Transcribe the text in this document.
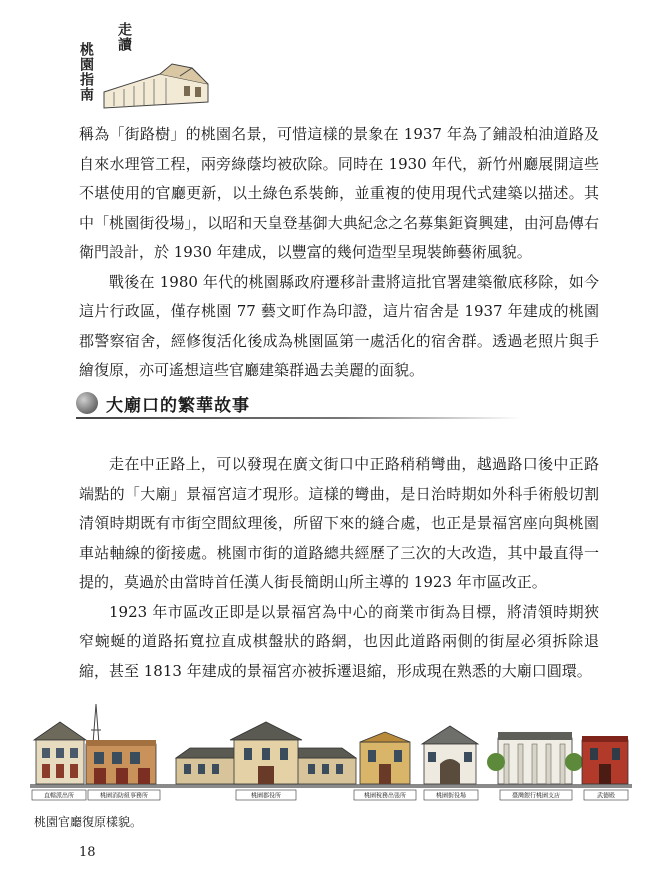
走讀
桃園指南

稱為「街路樹」的桃園名景，可惜這樣的景象在 1937 年為了鋪設柏油道路及自來水理管工程，兩旁綠蔭均被砍除。同時在 1930 年代，新竹州廳展開這些不堪使用的官廳更新，以土綠色系裝飾，並重複的使用現代式建築以描述。其中「桃園街役場」，以昭和天皇登基御大典紀念之名募集鉅資興建，由河島傳右衛門設計，於 1930 年建成，以豐富的幾何造型呈現裝飾藝術風貌。

戰後在 1980 年代的桃園縣政府遷移計畫將這批官署建築徹底移除，如今這片行政區，僅存桃園 77 藝文町作為印證，這片宿舍是 1937 年建成的桃園郡警察宿舍，經修復活化後成為桃園區第一處活化的宿舍群。透過老照片與手繪復原，亦可遙想這些官廳建築群過去美麗的面貌。

大廟口的繁華故事

走在中正路上，可以發現在廣文街口中正路稍稍彎曲，越過路口後中正路端點的「大廟」景福宮這才現形。這樣的彎曲，是日治時期如外科手術般切割清領時期既有市街空間紋理後，所留下來的縫合處，也正是景福宮座向與桃園車站軸線的銜接處。桃園市街的道路總共經歷了三次的大改造，其中最直得一提的，莫過於由當時首任漢人街長簡朗山所主導的 1923 年市區改正。

1923 年市區改正即是以景福宮為中心的商業市街為目標，將清領時期狹窄蜿蜒的道路拓寬拉直成棋盤狀的路網，也因此道路兩側的街屋必須拆除退縮，甚至 1813 年建成的景福宮亦被拆遷退縮，形成現在熟悉的大廟口圓環。

直轄派出所	桃園消防組事務所	桃園郡役所	桃園稅務出張所	桃園街役場	臺灣銀行桃園支店	武德殿
桃園官廳復原樣貌。
18
